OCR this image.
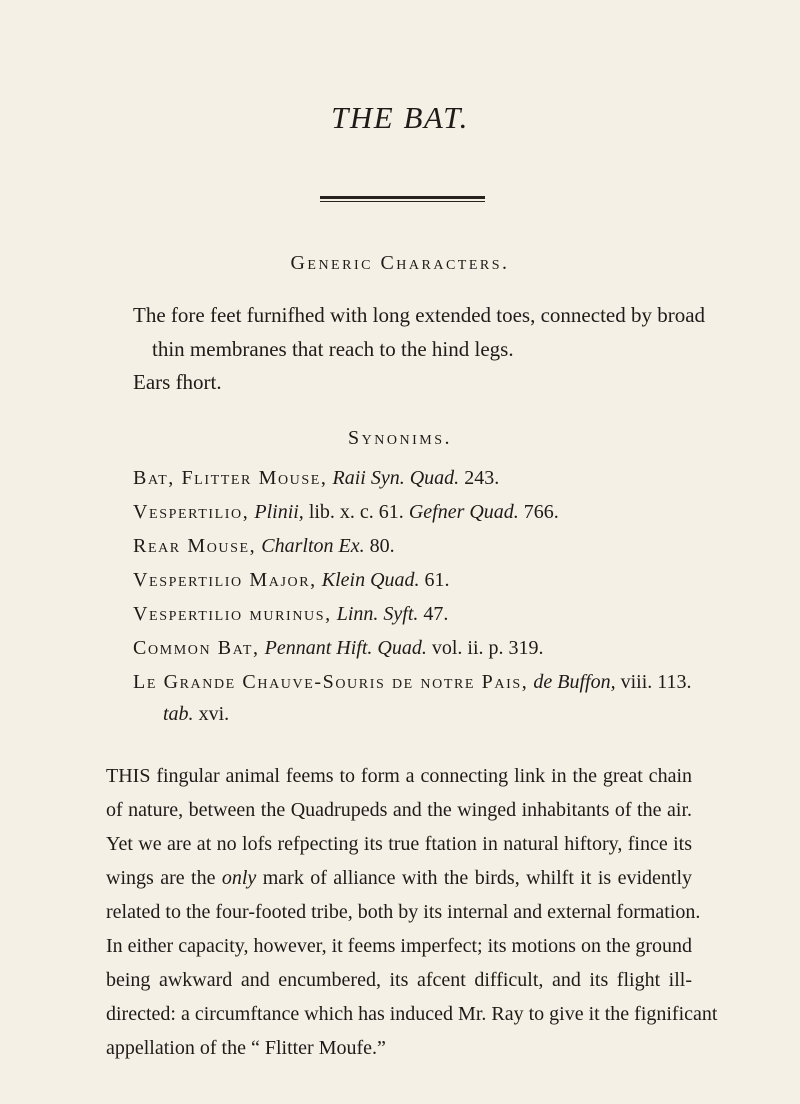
THE BAT.
Generic Characters.
The fore feet furnifhed with long extended toes, connected by broad
thin membranes that reach to the hind legs.
Ears fhort.
Synonims.
Bat, Flitter Mouse, Raii Syn. Quad. 243.
Vespertilio, Plinii, lib. x. c. 61. Gefner Quad. 766.
Rear Mouse, Charlton Ex. 80.
Vespertilio Major, Klein Quad. 61.
Vespertilio murinus, Linn. Syft. 47.
Common Bat, Pennant Hift. Quad. vol. ii. p. 319.
Le Grande Chauve-Souris de notre Pais, de Buffon, viii. 113.
tab. xvi.
THIS fingular animal feems to form a connecting link in the great chain
of nature, between the Quadrupeds and the winged inhabitants of the air.
Yet we are at no lofs refpecting its true ftation in natural hiftory, fince its
wings are the only mark of alliance with the birds, whilft it is evidently
related to the four-footed tribe, both by its internal and external formation.
In either capacity, however, it feems imperfect; its motions on the ground
being awkward and encumbered, its afcent difficult, and its flight ill-
directed: a circumftance which has induced Mr. Ray to give it the fignificant
appellation of the “ Flitter Moufe.”
